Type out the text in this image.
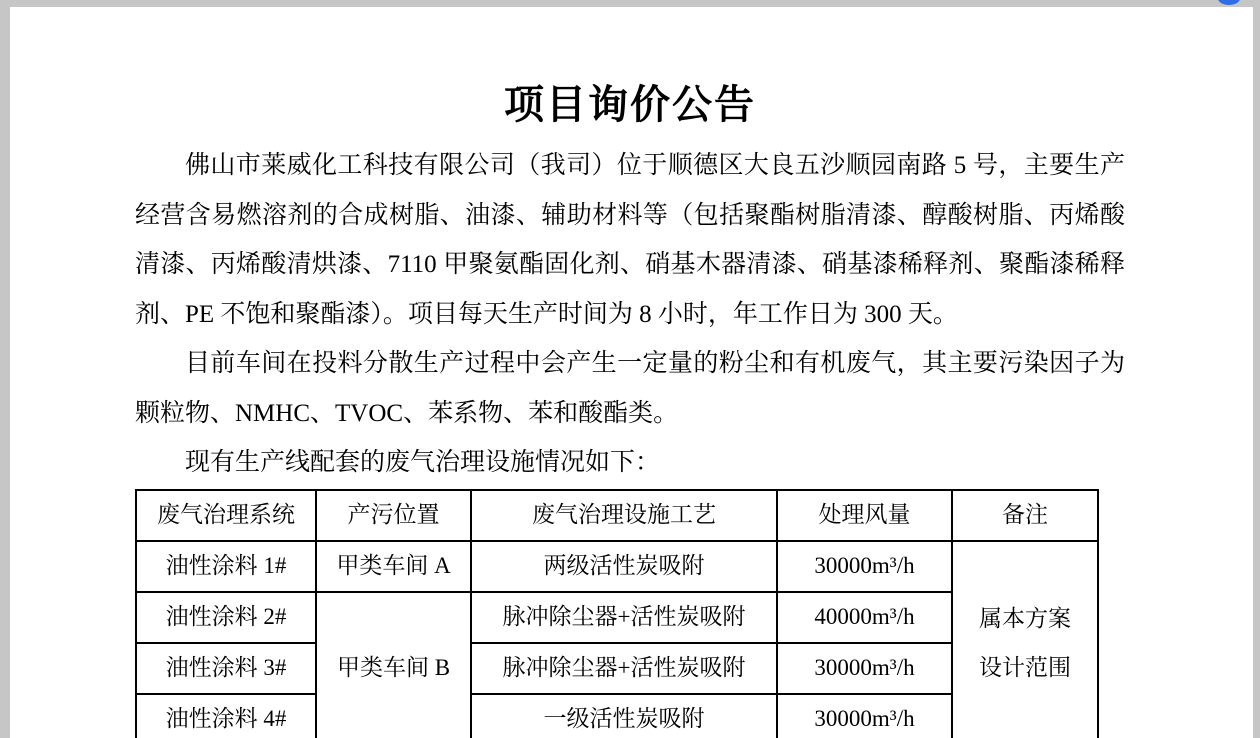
项目询价公告

佛山市莱威化工科技有限公司（我司）位于顺德区大良五沙顺园南路 5 号，主要生产经营含易燃溶剂的合成树脂、油漆、辅助材料等（包括聚酯树脂清漆、醇酸树脂、丙烯酸清漆、丙烯酸清烘漆、7110 甲聚氨酯固化剂、硝基木器清漆、硝基漆稀释剂、聚酯漆稀释剂、PE 不饱和聚酯漆）。项目每天生产时间为 8 小时，年工作日为 300 天。

目前车间在投料分散生产过程中会产生一定量的粉尘和有机废气，其主要污染因子为颗粒物、NMHC、TVOC、苯系物、苯和酸酯类。

现有生产线配套的废气治理设施情况如下：

废气治理系统	产污位置	废气治理设施工艺	处理风量	备注
油性涂料 1#	甲类车间 A	两级活性炭吸附	30000m³/h	属本方案
设计范围

油性涂料 2#	甲类车间 B	脉冲除尘器+活性炭吸附	40000m³/h	
油性涂料 3#		脉冲除尘器+活性炭吸附	30000m³/h	
油性涂料 4#		一级活性炭吸附	30000m³/h	
